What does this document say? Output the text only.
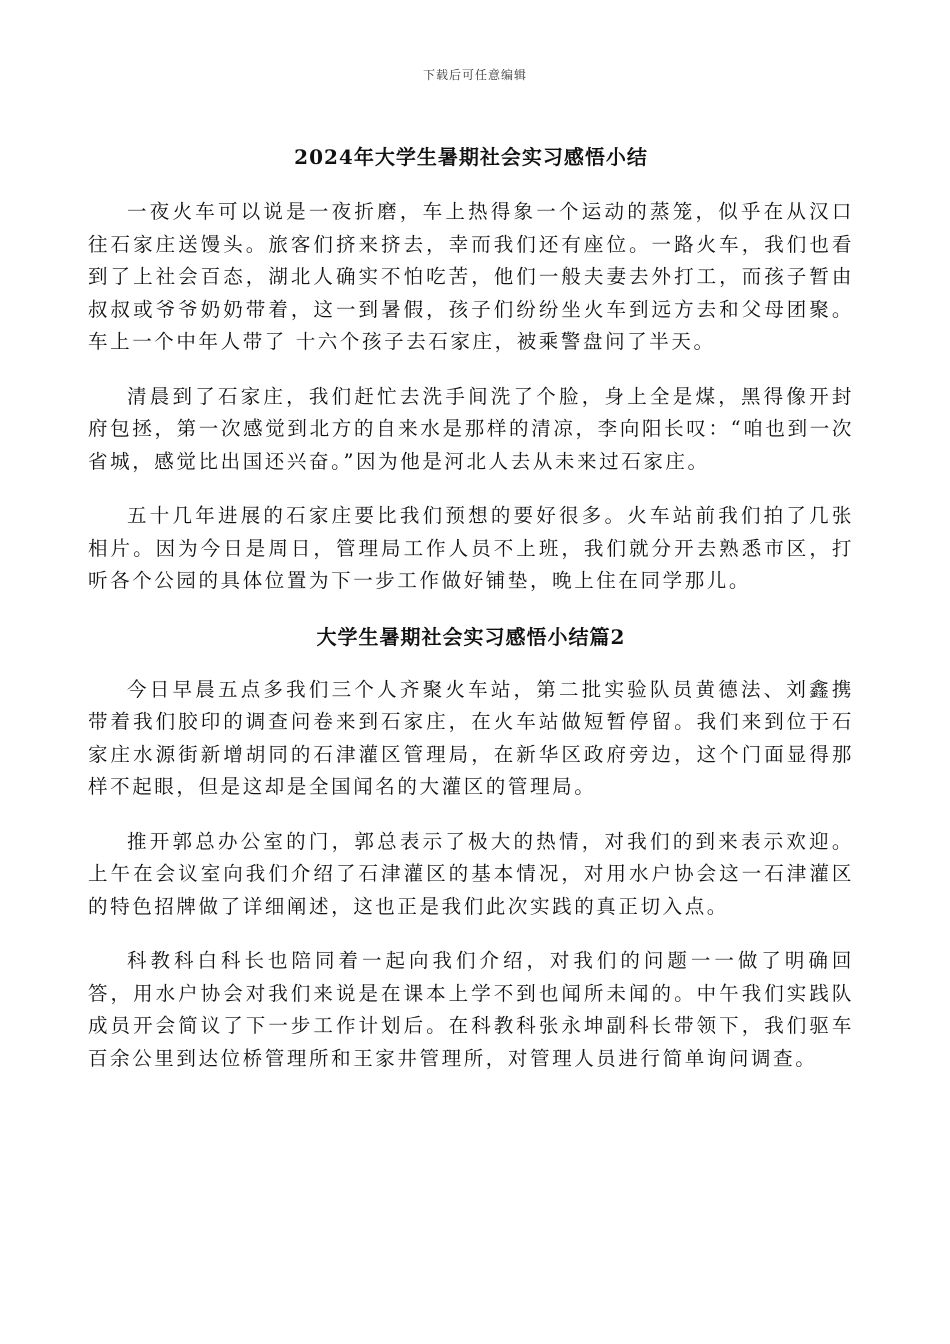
下载后可任意编辑
2024年大学生暑期社会实习感悟小结

一夜火车可以说是一夜折磨，车上热得象一个运动的蒸笼，似乎在从汉口往石家庄送馒头。旅客们挤来挤去，幸而我们还有座位。一路火车，我们也看到了上社会百态，湖北人确实不怕吃苦，他们一般夫妻去外打工，而孩子暂由叔叔或爷爷奶奶带着，这一到暑假，孩子们纷纷坐火车到远方去和父母团聚。车上一个中年人带了 十六个孩子去石家庄，被乘警盘问了半天。

清晨到了石家庄，我们赶忙去洗手间洗了个脸，身上全是煤，黑得像开封府包拯，第一次感觉到北方的自来水是那样的清凉，李向阳长叹：“咱也到一次省城，感觉比出国还兴奋。”因为他是河北人去从未来过石家庄。

五十几年进展的石家庄要比我们预想的要好很多。火车站前我们拍了几张相片。因为今日是周日，管理局工作人员不上班，我们就分开去熟悉市区，打听各个公园的具体位置为下一步工作做好铺垫，晚上住在同学那儿。

大学生暑期社会实习感悟小结篇2

今日早晨五点多我们三个人齐聚火车站，第二批实验队员黄德法、刘鑫携带着我们胶印的调查问卷来到石家庄，在火车站做短暂停留。我们来到位于石家庄水源街新增胡同的石津灌区管理局，在新华区政府旁边，这个门面显得那样不起眼，但是这却是全国闻名的大灌区的管理局。

推开郭总办公室的门，郭总表示了极大的热情，对我们的到来表示欢迎。上午在会议室向我们介绍了石津灌区的基本情况，对用水户协会这一石津灌区的特色招牌做了详细阐述，这也正是我们此次实践的真正切入点。

科教科白科长也陪同着一起向我们介绍，对我们的问题一一做了明确回答，用水户协会对我们来说是在课本上学不到也闻所未闻的。中午我们实践队成员开会简议了下一步工作计划后。在科教科张永坤副科长带领下，我们驱车百余公里到达位桥管理所和王家井管理所，对管理人员进行简单询问调查。
